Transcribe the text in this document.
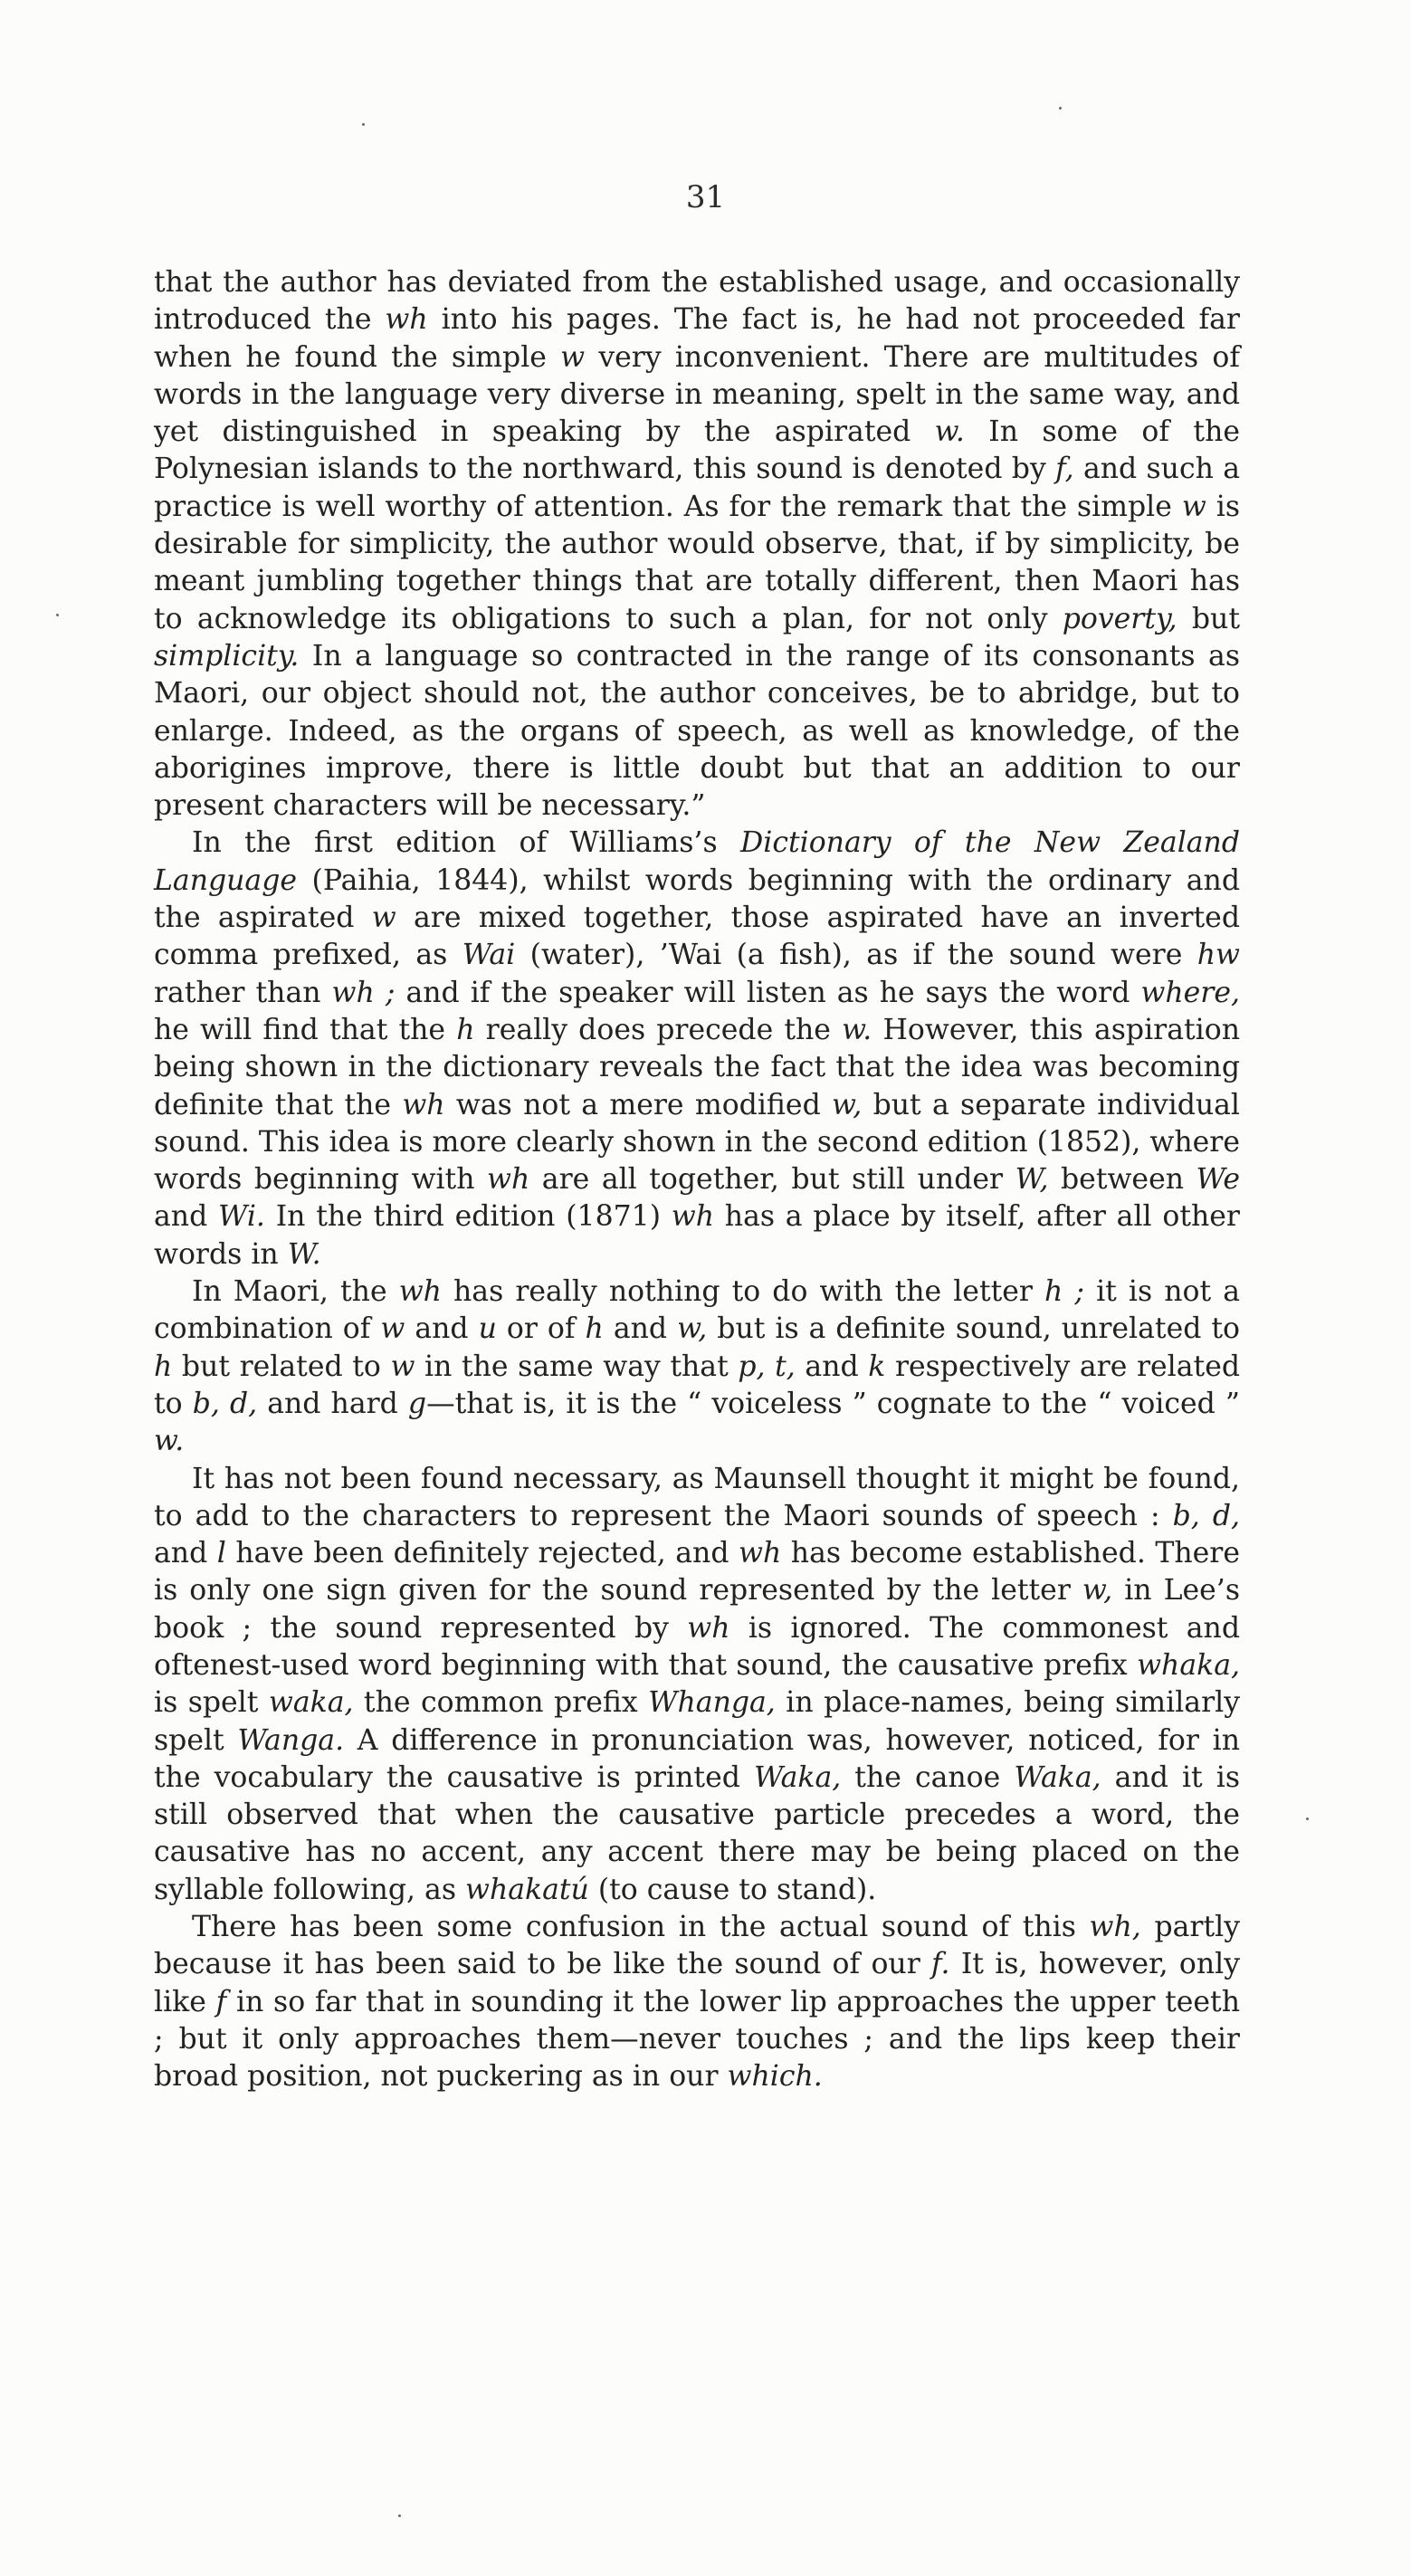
31

that the author has deviated from the established usage, and occasionally introduced the wh into his pages. The fact is, he had not proceeded far when he found the simple w very inconvenient. There are multitudes of words in the language very diverse in meaning, spelt in the same way, and yet distinguished in speaking by the aspirated w. In some of the Polynesian islands to the northward, this sound is denoted by f, and such a practice is well worthy of attention. As for the remark that the simple w is desirable for simplicity, the author would observe, that, if by simplicity, be meant jumbling together things that are totally different, then Maori has to acknowledge its obligations to such a plan, for not only poverty, but simplicity. In a language so contracted in the range of its consonants as Maori, our object should not, the author conceives, be to abridge, but to enlarge. Indeed, as the organs of speech, as well as knowledge, of the aborigines improve, there is little doubt but that an addition to our present characters will be necessary.”

In the first edition of Williams’s Dictionary of the New Zealand Language (Paihia, 1844), whilst words beginning with the ordinary and the aspirated w are mixed together, those aspirated have an inverted comma prefixed, as Wai (water), ’Wai (a fish), as if the sound were hw rather than wh ; and if the speaker will listen as he says the word where, he will find that the h really does precede the w. However, this aspiration being shown in the dictionary reveals the fact that the idea was becoming definite that the wh was not a mere modified w, but a separate individual sound. This idea is more clearly shown in the second edition (1852), where words beginning with wh are all together, but still under W, between We and Wi. In the third edition (1871) wh has a place by itself, after all other words in W.

In Maori, the wh has really nothing to do with the letter h ; it is not a combination of w and u or of h and w, but is a definite sound, unrelated to h but related to w in the same way that p, t, and k respectively are related to b, d, and hard g—that is, it is the “ voiceless ” cognate to the “ voiced ” w.

It has not been found necessary, as Maunsell thought it might be found, to add to the characters to represent the Maori sounds of speech : b, d, and l have been definitely rejected, and wh has become established. There is only one sign given for the sound represented by the letter w, in Lee’s book ; the sound represented by wh is ignored. The commonest and oftenest-used word beginning with that sound, the causative prefix whaka, is spelt waka, the common prefix Whanga, in place-names, being similarly spelt Wanga. A difference in pronunciation was, however, noticed, for in the vocabulary the causative is printed Waka, the canoe Waka, and it is still observed that when the causative particle precedes a word, the causative has no accent, any accent there may be being placed on the syllable following, as whakatú (to cause to stand).

There has been some confusion in the actual sound of this wh, partly because it has been said to be like the sound of our f. It is, however, only like f in so far that in sounding it the lower lip approaches the upper teeth ; but it only approaches them—never touches ; and the lips keep their broad position, not puckering as in our which.
